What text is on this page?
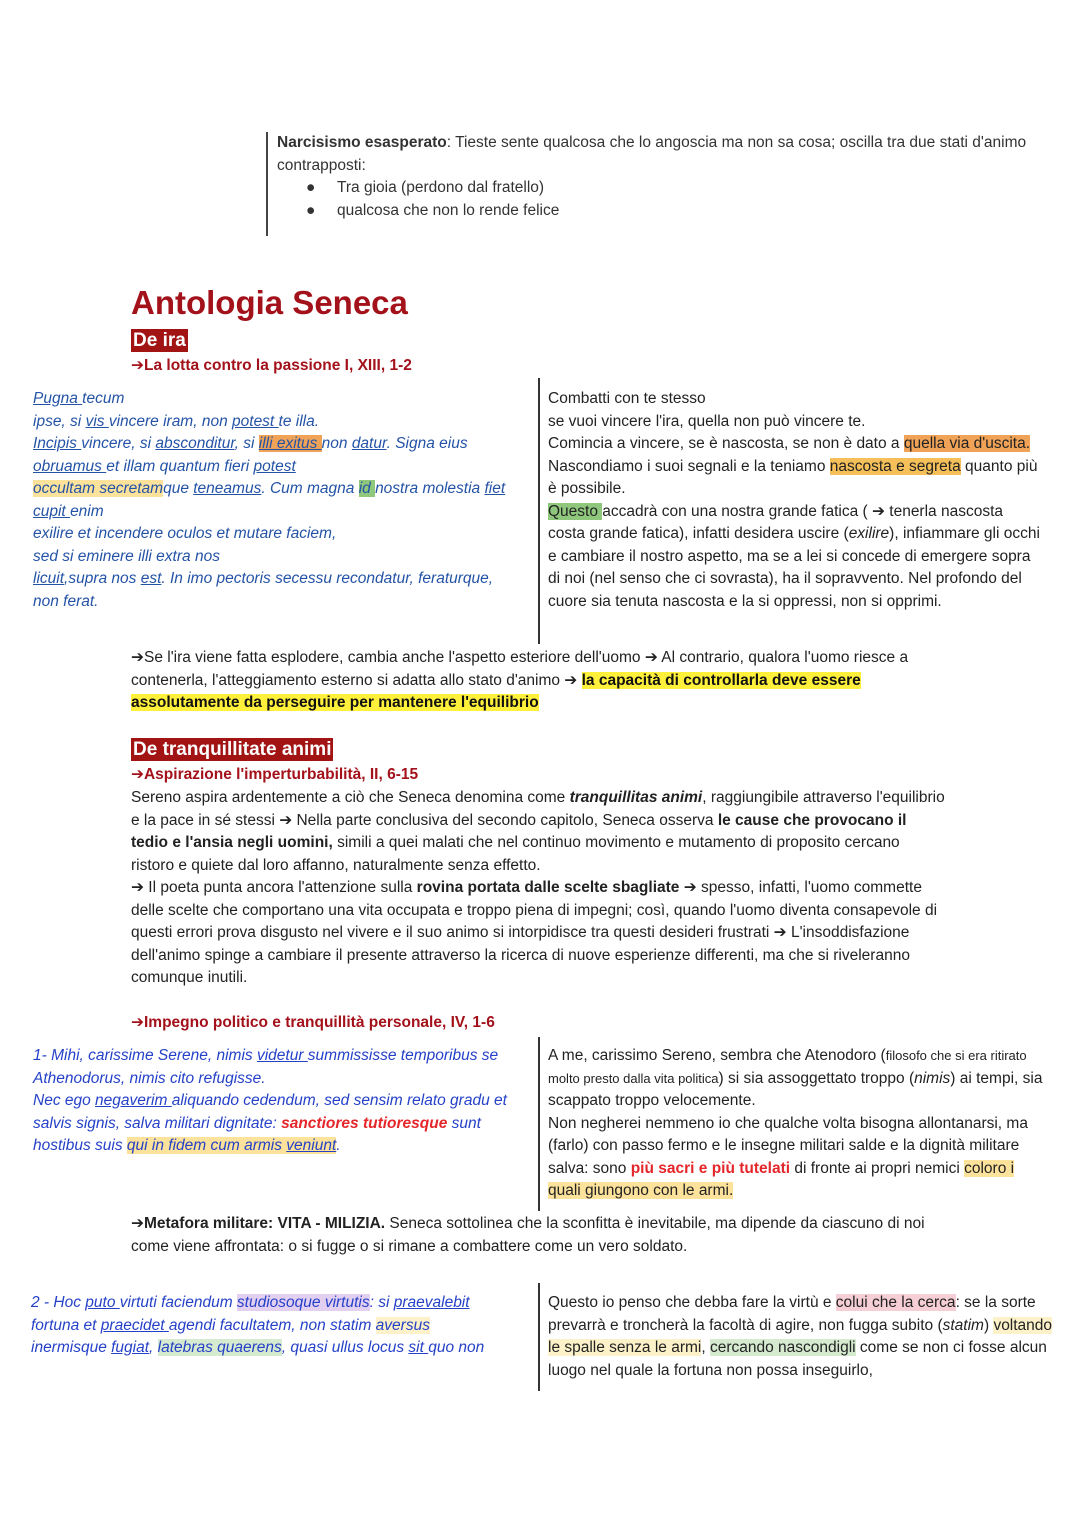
Narcisismo esasperato: Tieste sente qualcosa che lo angoscia ma non sa cosa; oscilla tra due stati d'animo contrapposti:
● Tra gioia (perdono dal fratello)
● qualcosa che non lo rende felice
Antologia Seneca
De ira
➔La lotta contro la passione I, XIII, 1-2
Pugna tecum
ipse, si vis vincere iram, non potest te illa.
Incipis vincere, si absconditur, si illi exitus non datur. Signa eius
obruamus et illam quantum fieri potest
occultam secretamque teneamus. Cum magna id nostra molestia fiet
cupit enim
exilire et incendere oculos et mutare faciem,
sed si eminere illi extra nos
licuit,supra nos est. In imo pectoris secessu recondatur, feraturque,
non ferat.
Combatti con te stesso
se vuoi vincere l'ira, quella non può vincere te.
Comincia a vincere, se è nascosta, se non è dato a quella via d'uscita. Nascondiamo i suoi segnali e la teniamo nascosta e segreta quanto più è possibile.
Questo accadrà con una nostra grande fatica ( ➔ tenerla nascosta costa grande fatica), infatti desidera uscire (exilire), infiammare gli occhi e cambiare il nostro aspetto, ma se a lei si concede di emergere sopra di noi (nel senso che ci sovrasta), ha il sopravvento. Nel profondo del cuore sia tenuta nascosta e la si oppressi, non si opprimi.
➔Se l'ira viene fatta esplodere, cambia anche l'aspetto esteriore dell'uomo ➔ Al contrario, qualora l'uomo riesce a contenerla, l'atteggiamento esterno si adatta allo stato d'animo ➔ la capacità di controllarla deve essere assolutamente da perseguire per mantenere l'equilibrio
De tranquillitate animi
➔Aspirazione l'imperturbabilità, II, 6-15
Sereno aspira ardentemente a ciò che Seneca denomina come tranquillitas animi, raggiungibile attraverso l'equilibrio e la pace in sé stessi ➔ Nella parte conclusiva del secondo capitolo, Seneca osserva le cause che provocano il tedio e l'ansia negli uomini, simili a quei malati che nel continuo movimento e mutamento di proposito cercano ristoro e quiete dal loro affanno, naturalmente senza effetto.
➔ Il poeta punta ancora l'attenzione sulla rovina portata dalle scelte sbagliate ➔ spesso, infatti, l'uomo commette delle scelte che comportano una vita occupata e troppo piena di impegni; così, quando l'uomo diventa consapevole di questi errori prova disgusto nel vivere e il suo animo si intorpidisce tra questi desideri frustrati ➔ L'insoddisfazione dell'animo spinge a cambiare il presente attraverso la ricerca di nuove esperienze differenti, ma che si riveleranno comunque inutili.
➔Impegno politico e tranquillità personale, IV, 1-6
1- Mihi, carissime Serene, nimis videtur summississe temporibus se Athenodorus, nimis cito refugisse.
Nec ego negaverim aliquando cedendum, sed sensim relato gradu et salvis signis, salva militari dignitate: sanctiores tutioresque sunt hostibus suis qui in fidem cum armis veniunt.
A me, carissimo Sereno, sembra che Atenodoro (filosofo che si era ritirato molto presto dalla vita politica) si sia assoggettato troppo (nimis) ai tempi, sia scappato troppo velocemente.
Non negherei nemmeno io che qualche volta bisogna allontanarsi, ma (farlo) con passo fermo e le insegne militari salde e la dignità militare salva: sono più sacri e più tutelati di fronte ai propri nemici coloro i quali giungono con le armi.
➔Metafora militare: VITA - MILIZIA. Seneca sottolinea che la sconfitta è inevitabile, ma dipende da ciascuno di noi come viene affrontata: o si fugge o si rimane a combattere come un vero soldato.
2 - Hoc puto virtuti faciendum studiosoque virtutis: si praevalebit
fortuna et praecidet agendi facultatem, non statim aversus
inermisque fugiat, latebras quaerens, quasi ullus locus sit quo non
Questo io penso che debba fare la virtù e colui che la cerca: se la sorte prevarrà e troncherà la facoltà di agire, non fugga subito (statim) voltando le spalle senza le armi, cercando nascondigli come se non ci fosse alcun luogo nel quale la fortuna non possa inseguirlo,
